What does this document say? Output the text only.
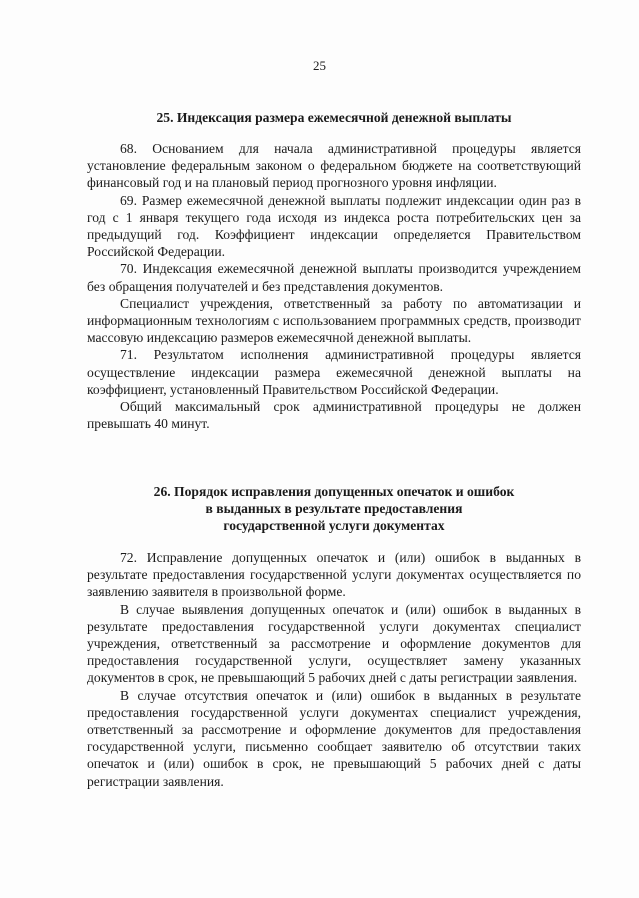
25
25. Индексация размера ежемесячной денежной выплаты

68. Основанием для начала административной процедуры является установление федеральным законом о федеральном бюджете на соответствующий финансовый год и на плановый период прогнозного уровня инфляции.

69. Размер ежемесячной денежной выплаты подлежит индексации один раз в год с 1 января текущего года исходя из индекса роста потребительских цен за предыдущий год. Коэффициент индексации определяется Правительством Российской Федерации.

70. Индексация ежемесячной денежной выплаты производится учреждением без обращения получателей и без представления документов.

Специалист учреждения, ответственный за работу по автоматизации и информационным технологиям с использованием программных средств, производит массовую индексацию размеров ежемесячной денежной выплаты.

71. Результатом исполнения административной процедуры является осуществление индексации размера ежемесячной денежной выплаты на коэффициент, установленный Правительством Российской Федерации.

Общий максимальный срок административной процедуры не должен превышать 40 минут.

26. Порядок исправления допущенных опечаток и ошибок
в выданных в результате предоставления
государственной услуги документах

72. Исправление допущенных опечаток и (или) ошибок в выданных в результате предоставления государственной услуги документах осуществляется по заявлению заявителя в произвольной форме.

В случае выявления допущенных опечаток и (или) ошибок в выданных в результате предоставления государственной услуги документах специалист учреждения, ответственный за рассмотрение и оформление документов для предоставления государственной услуги, осуществляет замену указанных документов в срок, не превышающий 5 рабочих дней с даты регистрации заявления.

В случае отсутствия опечаток и (или) ошибок в выданных в результате предоставления государственной услуги документах специалист учреждения, ответственный за рассмотрение и оформление документов для предоставления государственной услуги, письменно сообщает заявителю об отсутствии таких опечаток и (или) ошибок в срок, не превышающий 5 рабочих дней с даты регистрации заявления.
